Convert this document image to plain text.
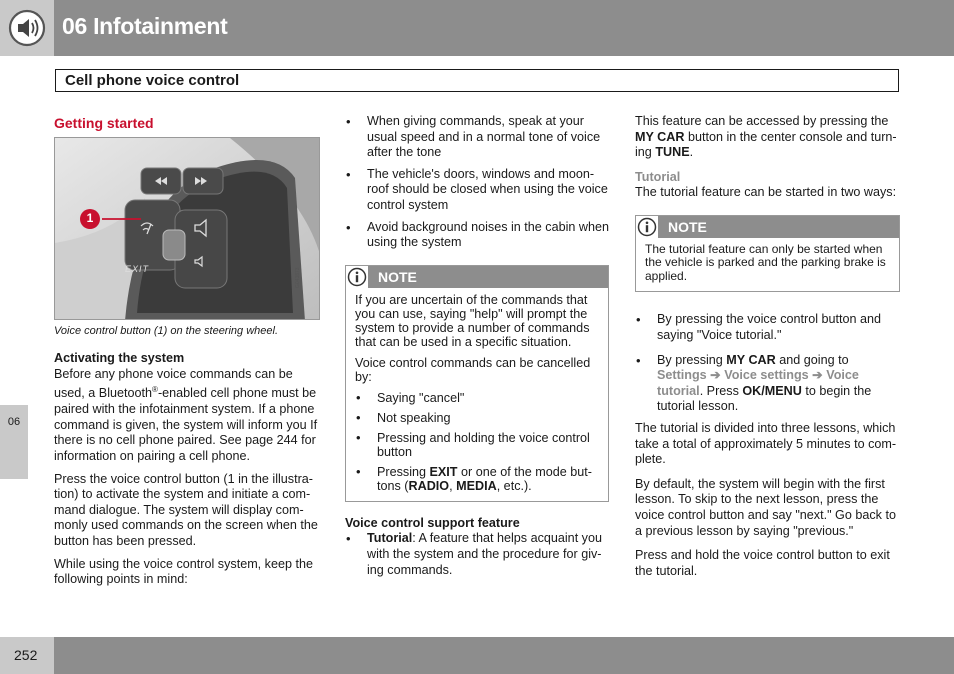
06 Infotainment
Cell phone voice control
06
252
Getting started
1
EXIT	G043873
Voice control button (1) on the steering wheel.
Activating the system

Before any phone voice commands can be used, a Bluetooth®-enabled cell phone must be paired with the infotainment system. If a phone command is given, the system will inform you If there is no cell phone paired. See page 244 for information on pairing a cell phone.

Press the voice control button (1 in the illustra-tion) to activate the system and initiate a com-mand dialogue. The system will display com-monly used commands on the screen when the button has been pressed.

While using the voice control system, keep the following points in mind:

• When giving commands, speak at your usual speed and in a normal tone of voice after the tone
• The vehicle's doors, windows and moon-roof should be closed when using the voice control system
• Avoid background noises in the cabin when using the system
NOTE

If you are uncertain of the commands that you can use, saying "help" will prompt the system to provide a number of commands that can be used in a specific situation.

Voice control commands can be cancelled by:

• Saying "cancel"
• Not speaking
• Pressing and holding the voice control button
• Pressing EXIT or one of the mode but-tons (RADIO, MEDIA, etc.).
Voice control support feature
• Tutorial: A feature that helps acquaint you with the system and the procedure for giv-ing commands.

This feature can be accessed by pressing the MY CAR button in the center console and turn-ing TUNE.

Tutorial

The tutorial feature can be started in two ways:

NOTE
The tutorial feature can only be started when the vehicle is parked and the parking brake is applied.
• By pressing the voice control button and saying "Voice tutorial."
• By pressing MY CAR and going to Settings ➔ Voice settings ➔ Voice tutorial. Press OK/MENU to begin the tutorial lesson.

The tutorial is divided into three lessons, which take a total of approximately 5 minutes to com-plete.

By default, the system will begin with the first lesson. To skip to the next lesson, press the voice control button and say "next." Go back to a previous lesson by saying "previous."

Press and hold the voice control button to exit the tutorial.
